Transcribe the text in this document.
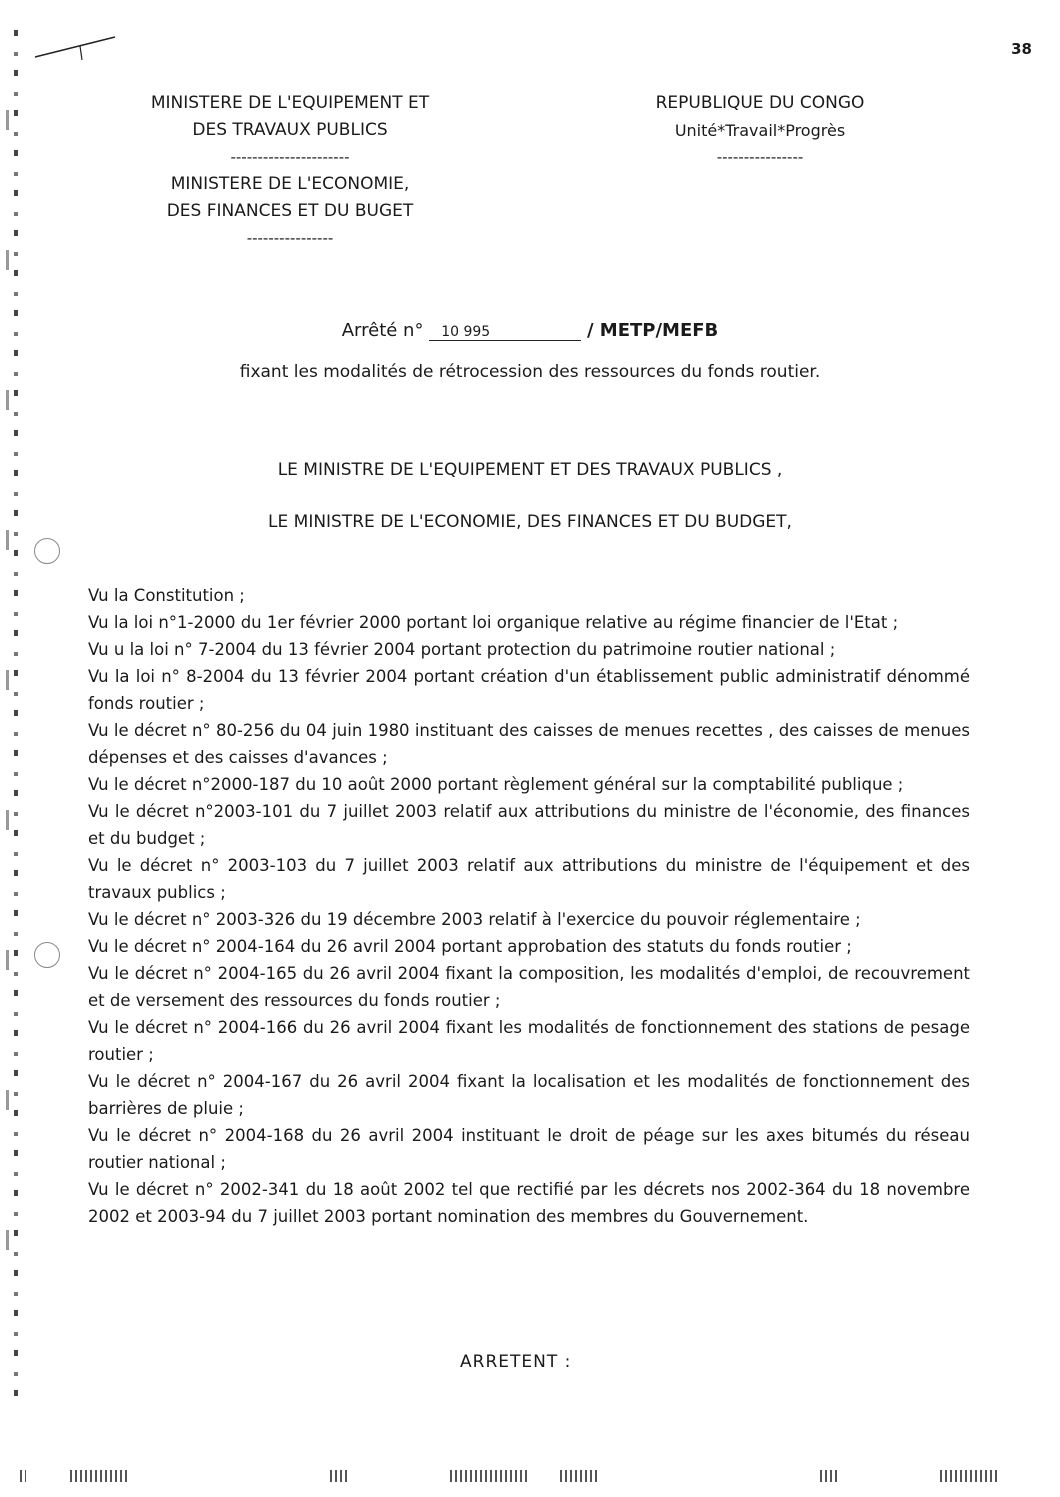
38
MINISTERE DE L'EQUIPEMENT ET
DES TRAVAUX PUBLICS
----------------------
MINISTERE DE L'ECONOMIE,
DES FINANCES ET DU BUGET
----------------
REPUBLIQUE DU CONGO
Unité*Travail*Progrès
----------------
Arrêté n° 10 995	/ METP/MEFB
fixant les modalités de rétrocession des ressources du fonds routier.
LE MINISTRE DE L'EQUIPEMENT ET DES TRAVAUX PUBLICS ,
LE MINISTRE DE L'ECONOMIE, DES FINANCES ET DU BUDGET,

Vu la Constitution ;

Vu la loi n°1-2000 du 1er février 2000 portant loi organique relative au régime financier de l'Etat ;

Vu u la loi n° 7-2004 du 13 février 2004 portant protection du patrimoine routier national ;

Vu la loi n° 8-2004 du 13 février 2004 portant création d'un établissement public administratif dénommé fonds routier ;

Vu le décret n° 80-256 du 04 juin 1980 instituant des caisses de menues recettes , des caisses de menues dépenses et des caisses d'avances ;

Vu le décret n°2000-187 du 10 août 2000 portant règlement général sur la comptabilité publique ;

Vu le décret n°2003-101 du 7 juillet 2003 relatif aux attributions du ministre de l'économie, des finances et du budget ;

Vu le décret n° 2003-103 du 7 juillet 2003 relatif aux attributions du ministre de l'équipement et des travaux publics ;

Vu le décret n° 2003-326 du 19 décembre 2003 relatif à l'exercice du pouvoir réglementaire ;

Vu le décret n° 2004-164 du 26 avril 2004 portant approbation des statuts du fonds routier ;

Vu le décret n° 2004-165 du 26 avril 2004 fixant la composition, les modalités d'emploi, de recouvrement et de versement des ressources du fonds routier ;

Vu le décret n° 2004-166 du 26 avril 2004 fixant les modalités de fonctionnement des stations de pesage routier ;

Vu le décret n° 2004-167 du 26 avril 2004 fixant la localisation et les modalités de fonctionnement des barrières de pluie ;

Vu le décret n° 2004-168 du 26 avril 2004 instituant le droit de péage sur les axes bitumés du réseau routier national ;

Vu le décret n° 2002-341 du 18 août 2002 tel que rectifié par les décrets nos 2002-364 du 18 novembre 2002 et 2003-94 du 7 juillet 2003 portant nomination des membres du Gouvernement.

ARRETENT :
